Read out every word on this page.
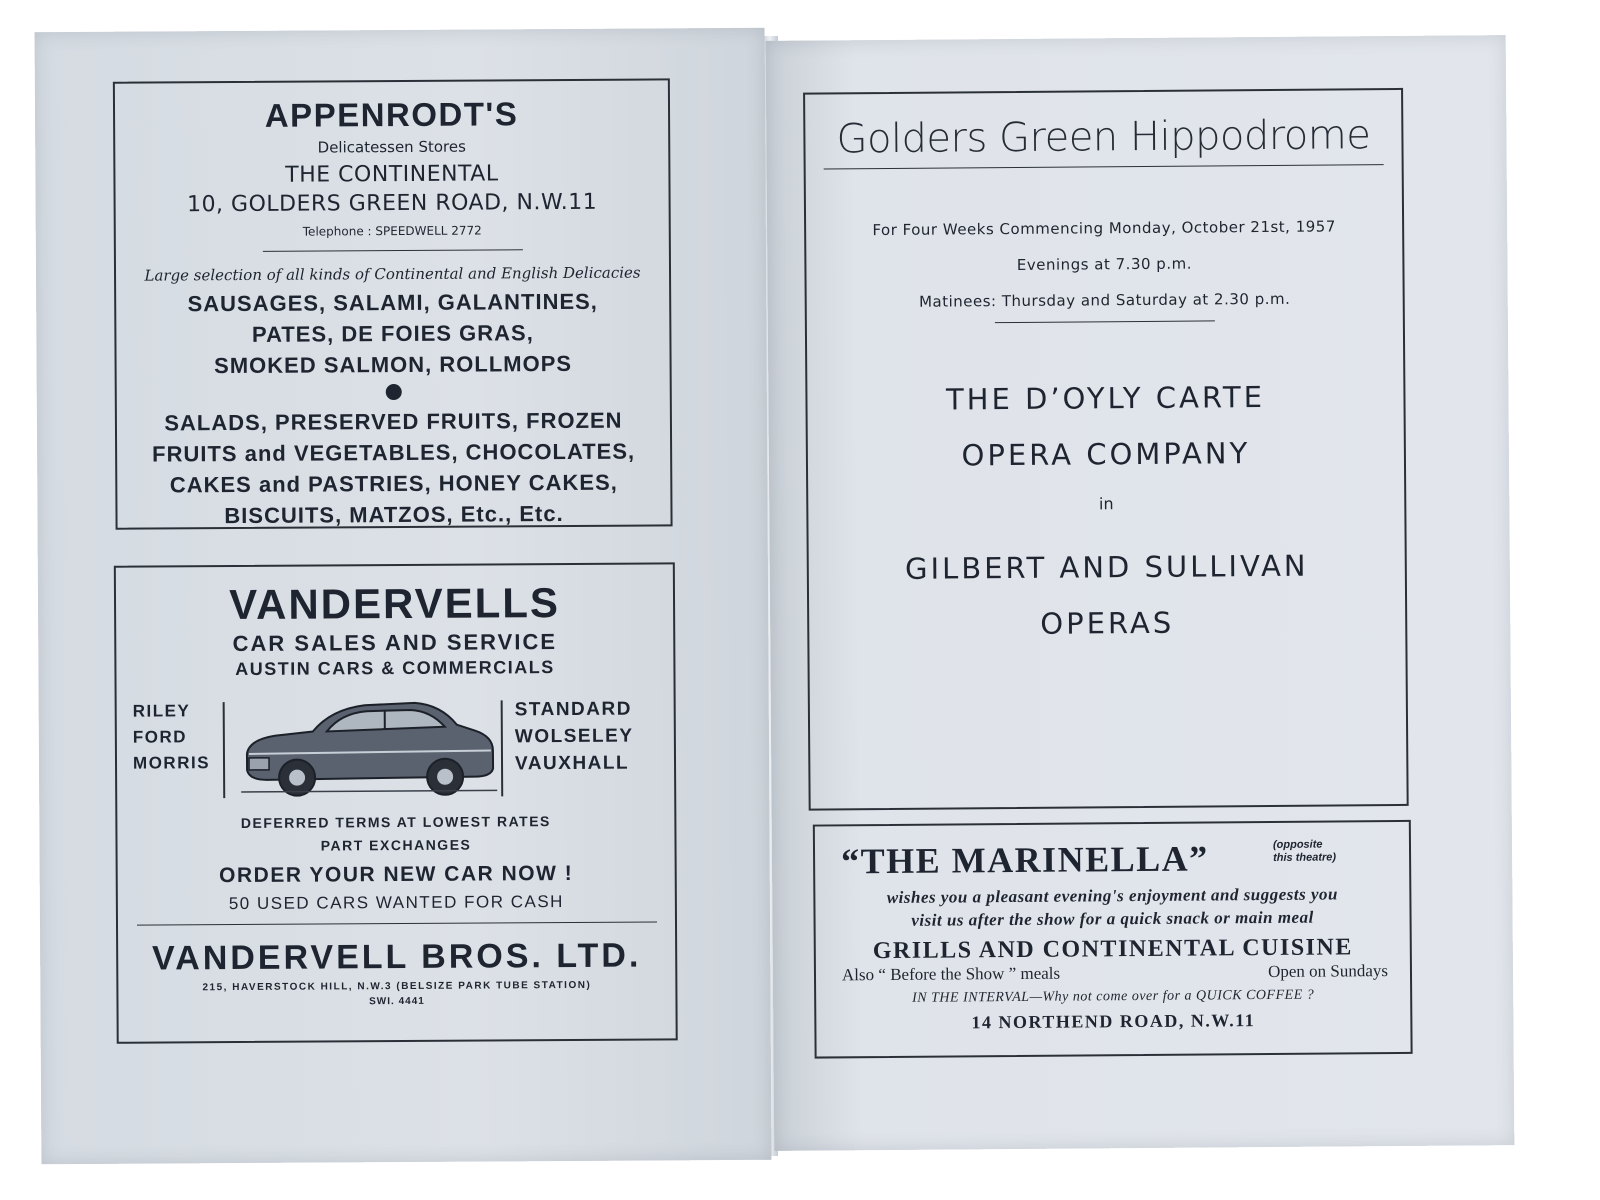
APPENRODT'S
Delicatessen Stores
THE CONTINENTAL
10, GOLDERS GREEN ROAD, N.W.11
Telephone : SPEEDWELL 2772
Large selection of all kinds of Continental and English Delicacies
SAUSAGES, SALAMI, GALANTINES,
PATES, DE FOIES GRAS,
SMOKED SALMON, ROLLMOPS
SALADS, PRESERVED FRUITS, FROZEN
FRUITS and VEGETABLES, CHOCOLATES,
CAKES and PASTRIES, HONEY CAKES,
BISCUITS, MATZOS, Etc., Etc.
VANDERVELLS
CAR SALES AND SERVICE
AUSTIN CARS & COMMERCIALS
RILEY
FORD
MORRIS
STANDARD
WOLSELEY
VAUXHALL
DEFERRED TERMS AT LOWEST RATES
PART EXCHANGES
ORDER YOUR NEW CAR NOW !
50 USED CARS WANTED FOR CASH
VANDERVELL BROS. LTD.
215, HAVERSTOCK HILL, N.W.3 (BELSIZE PARK TUBE STATION)
SWI. 4441
Golders Green Hippodrome
For Four Weeks Commencing Monday, October 21st, 1957
Evenings at 7.30 p.m.
Matinees: Thursday and Saturday at 2.30 p.m.
THE D’OYLY CARTE
OPERA COMPANY
in
GILBERT AND SULLIVAN
OPERAS
“THE MARINELLA”	(opposite
this theatre)
wishes you a pleasant evening's enjoyment and suggests you
visit us after the show for a quick snack or main meal
GRILLS AND CONTINENTAL CUISINE
Also “ Before the Show ” meals	Open on Sundays
IN THE INTERVAL—Why not come over for a QUICK COFFEE ?
14 NORTHEND ROAD, N.W.11
